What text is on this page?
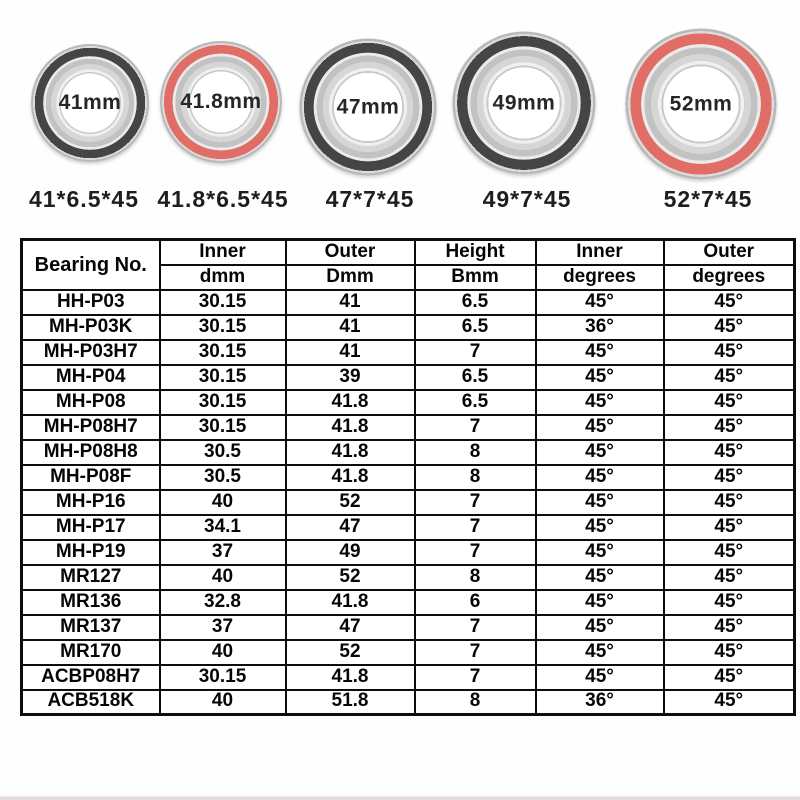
41mm	41.8mm	47mm	49mm	52mm
41*6.5*45 41.8*6.5*45 47*7*45	49*7*45	52*7*45
Bearing No.	Inner	Outer	Height	Inner	Outer
	dmm	Dmm	Bmm	degrees	degrees
HH-P03	30.15	41	6.5	45°	45°
MH-P03K	30.15	41	6.5	36°	45°
MH-P03H7	30.15	41	7	45°	45°
MH-P04	30.15	39	6.5	45°	45°
MH-P08	30.15	41.8	6.5	45°	45°
MH-P08H7	30.15	41.8	7	45°	45°
MH-P08H8	30.5	41.8	8	45°	45°
MH-P08F	30.5	41.8	8	45°	45°
MH-P16	40	52	7	45°	45°
MH-P17	34.1	47	7	45°	45°
MH-P19	37	49	7	45°	45°
MR127	40	52	8	45°	45°
MR136	32.8	41.8	6	45°	45°
MR137	37	47	7	45°	45°
MR170	40	52	7	45°	45°
ACBP08H7	30.15	41.8	7	45°	45°
ACB518K	40	51.8	8	36°	45°
